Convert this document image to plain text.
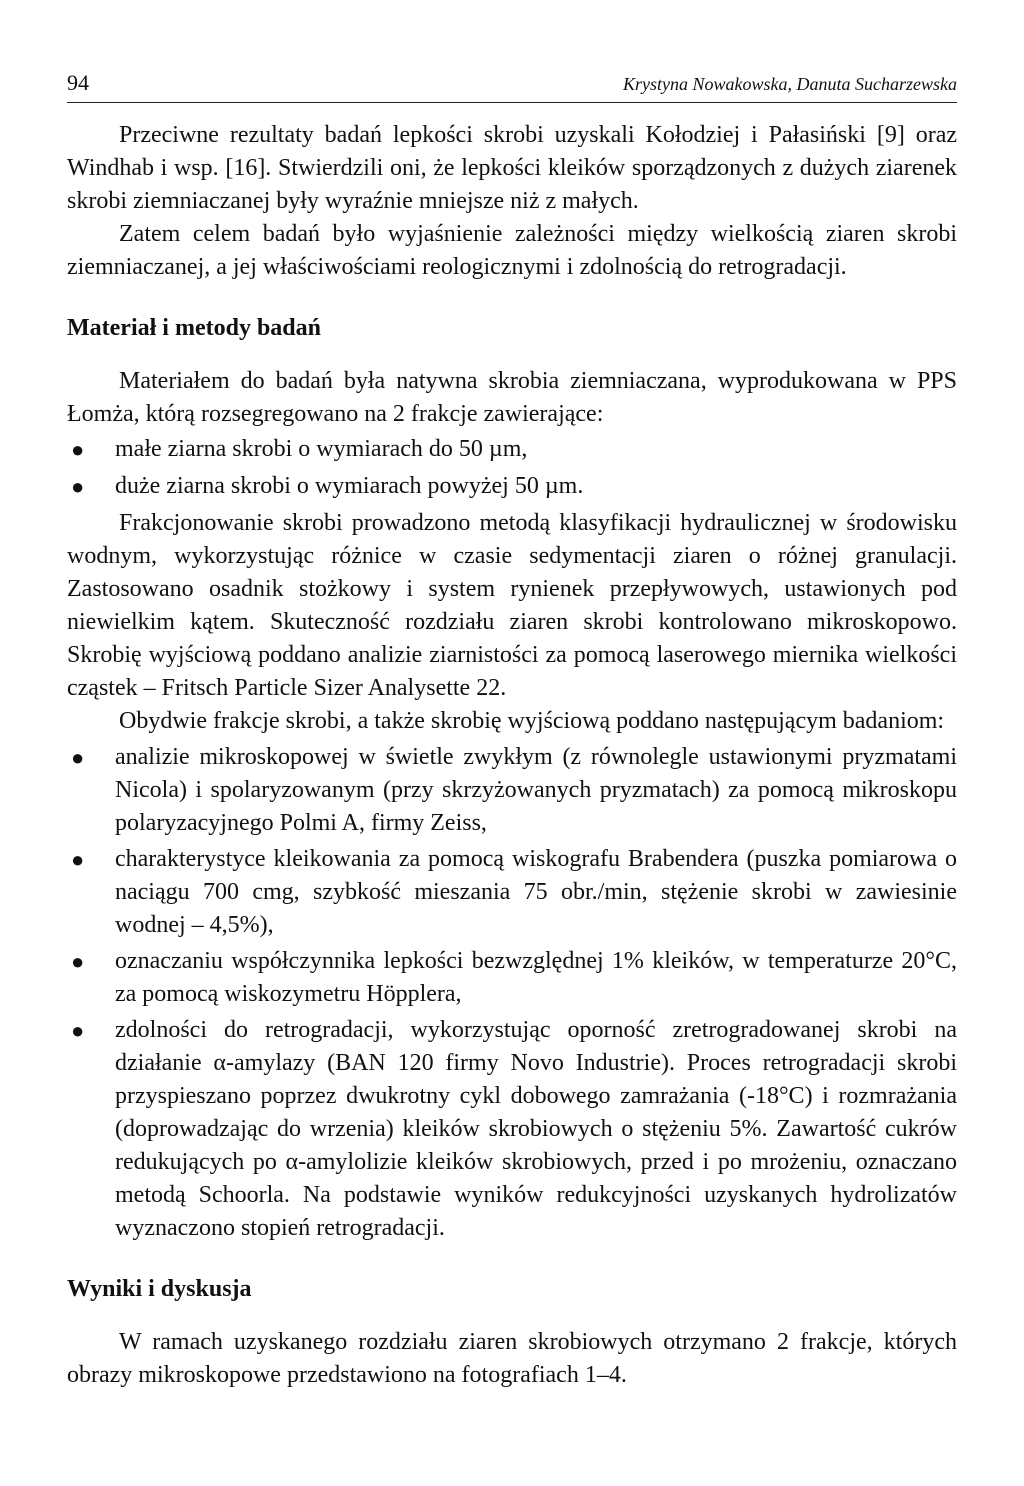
94	Krystyna Nowakowska, Danuta Sucharzewska

Przeciwne rezultaty badań lepkości skrobi uzyskali Kołodziej i Pałasiński [9] oraz Windhab i wsp. [16]. Stwierdzili oni, że lepkości kleików sporządzonych z dużych ziarenek skrobi ziemniaczanej były wyraźnie mniejsze niż z małych.

Zatem celem badań było wyjaśnienie zależności między wielkością ziaren skrobi ziemniaczanej, a jej właściwościami reologicznymi i zdolnością do retrogradacji.

Materiał i metody badań

Materiałem do badań była natywna skrobia ziemniaczana, wyprodukowana w PPS Łomża, którą rozsegregowano na 2 frakcje zawierające:

● małe ziarna skrobi o wymiarach do 50 µm,
● duże ziarna skrobi o wymiarach powyżej 50 µm.

Frakcjonowanie skrobi prowadzono metodą klasyfikacji hydraulicznej w środowisku wodnym, wykorzystując różnice w czasie sedymentacji ziaren o różnej granulacji. Zastosowano osadnik stożkowy i system rynienek przepływowych, ustawionych pod niewielkim kątem. Skuteczność rozdziału ziaren skrobi kontrolowano mikroskopowo. Skrobię wyjściową poddano analizie ziarnistości za pomocą laserowego miernika wielkości cząstek – Fritsch Particle Sizer Analysette 22.

Obydwie frakcje skrobi, a także skrobię wyjściową poddano następującym badaniom:

● analizie mikroskopowej w świetle zwykłym (z równolegle ustawionymi pryzmatami Nicola) i spolaryzowanym (przy skrzyżowanych pryzmatach) za pomocą mikroskopu polaryzacyjnego Polmi A, firmy Zeiss,
● charakterystyce kleikowania za pomocą wiskografu Brabendera (puszka pomiarowa o naciągu 700 cmg, szybkość mieszania 75 obr./min, stężenie skrobi w zawiesinie wodnej – 4,5%),
● oznaczaniu współczynnika lepkości bezwzględnej 1% kleików, w temperaturze 20°C, za pomocą wiskozymetru Höpplera,
● zdolności do retrogradacji, wykorzystując oporność zretrogradowanej skrobi na działanie α-amylazy (BAN 120 firmy Novo Industrie). Proces retrogradacji skrobi przyspieszano poprzez dwukrotny cykl dobowego zamrażania (-18°C) i rozmrażania (doprowadzając do wrzenia) kleików skrobiowych o stężeniu 5%. Zawartość cukrów redukujących po α-amylolizie kleików skrobiowych, przed i po mrożeniu, oznaczano metodą Schoorla. Na podstawie wyników redukcyjności uzyskanych hydrolizatów wyznaczono stopień retrogradacji.
Wyniki i dyskusja

W ramach uzyskanego rozdziału ziaren skrobiowych otrzymano 2 frakcje, których obrazy mikroskopowe przedstawiono na fotografiach 1–4.
